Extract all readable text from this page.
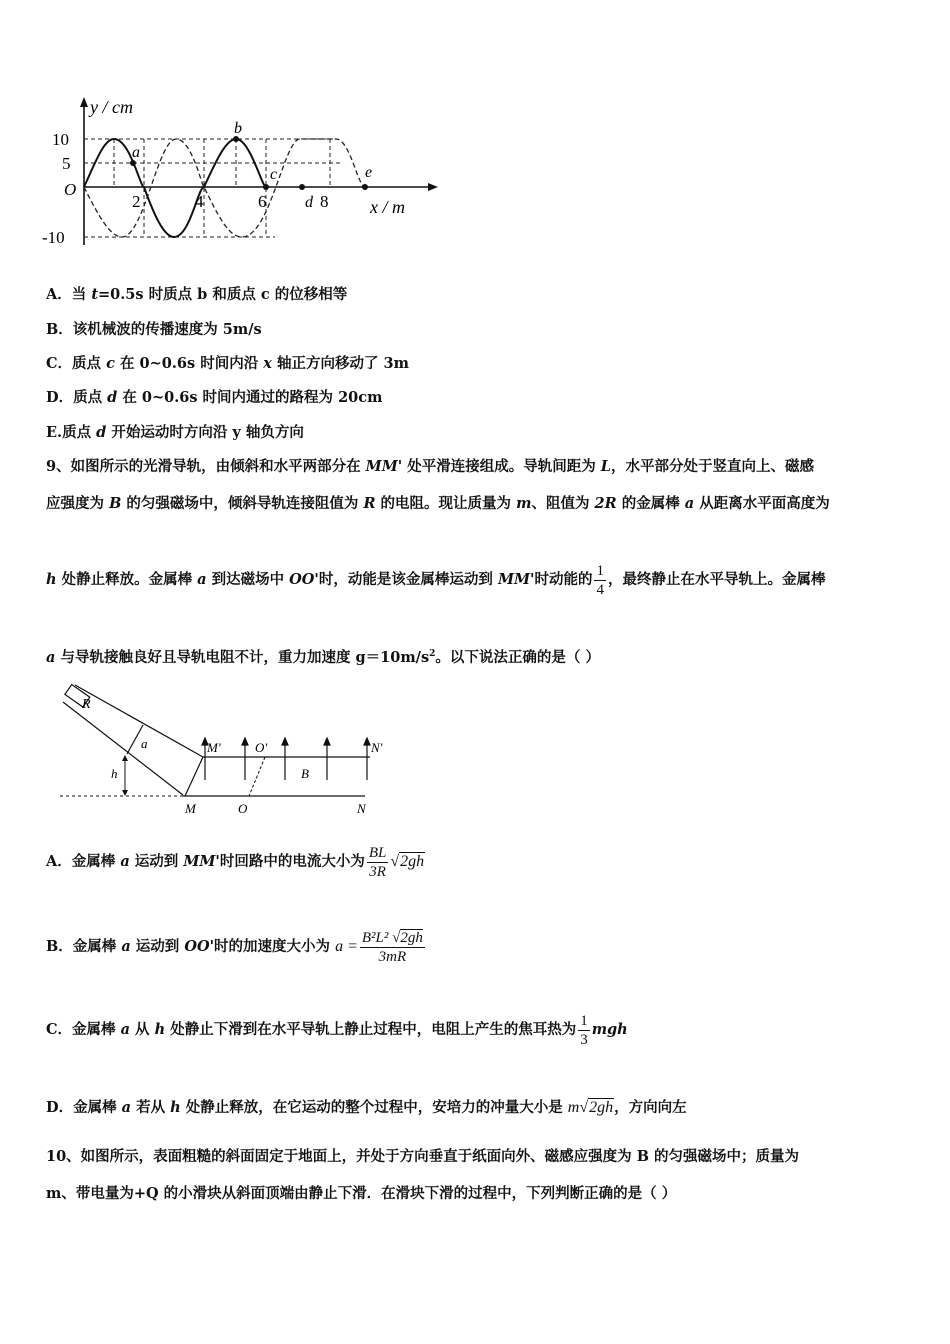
y / cm
x / m
10
5
O
-10
2	4	6	8
a
b
c
d
e
A．当 t=0.5s 时质点 b 和质点 c 的位移相等
B．该机械波的传播速度为 5m/s
C．质点 c 在 0~0.6s 时间内沿 x 轴正方向移动了 3m
D．质点 d 在 0~0.6s 时间内通过的路程为 20cm
E.质点 d 开始运动时方向沿 y 轴负方向
9、如图所示的光滑导轨，由倾斜和水平两部分在 MM' 处平滑连接组成。导轨间距为 L，水平部分处于竖直向上、磁感
应强度为 B 的匀强磁场中，倾斜导轨连接阻值为 R 的电阻。现让质量为 m、阻值为 2R 的金属棒 a 从距离水平面高度为
h 处静止释放。金属棒 a 到达磁场中 OO'时，动能是该金属棒运动到 MM'时动能的 $\frac{1}{4}$ ，最终静止在水平导轨上。金属棒
a 与导轨接触良好且导轨电阻不计，重力加速度 $g=10m/s^2$。以下说法正确的是（ ）
R
a
h
M'	O'	N'
B
M	O	N
A．金属棒 a 运动到 MM'时回路中的电流大小为 $\frac{BL}{3R} √2gh$
B．金属棒 a 运动到 OO'时的加速度大小为 $a = \frac{\text{B²L² √2gh}}{3mR}$
C．金属棒 a 从 h 处静止下滑到在水平导轨上静止过程中，电阻上产生的焦耳热为 $\frac{1}{3}$ mgh
D．金属棒 a 若从 h 处静止释放，在它运动的整个过程中，安培力的冲量大小是 m√2gh，方向向左
10、如图所示，表面粗糙的斜面固定于地面上，并处于方向垂直于纸面向外、磁感应强度为 B 的匀强磁场中；质量为
m、带电量为+Q 的小滑块从斜面顶端由静止下滑．在滑块下滑的过程中，下列判断正确的是（ ）
